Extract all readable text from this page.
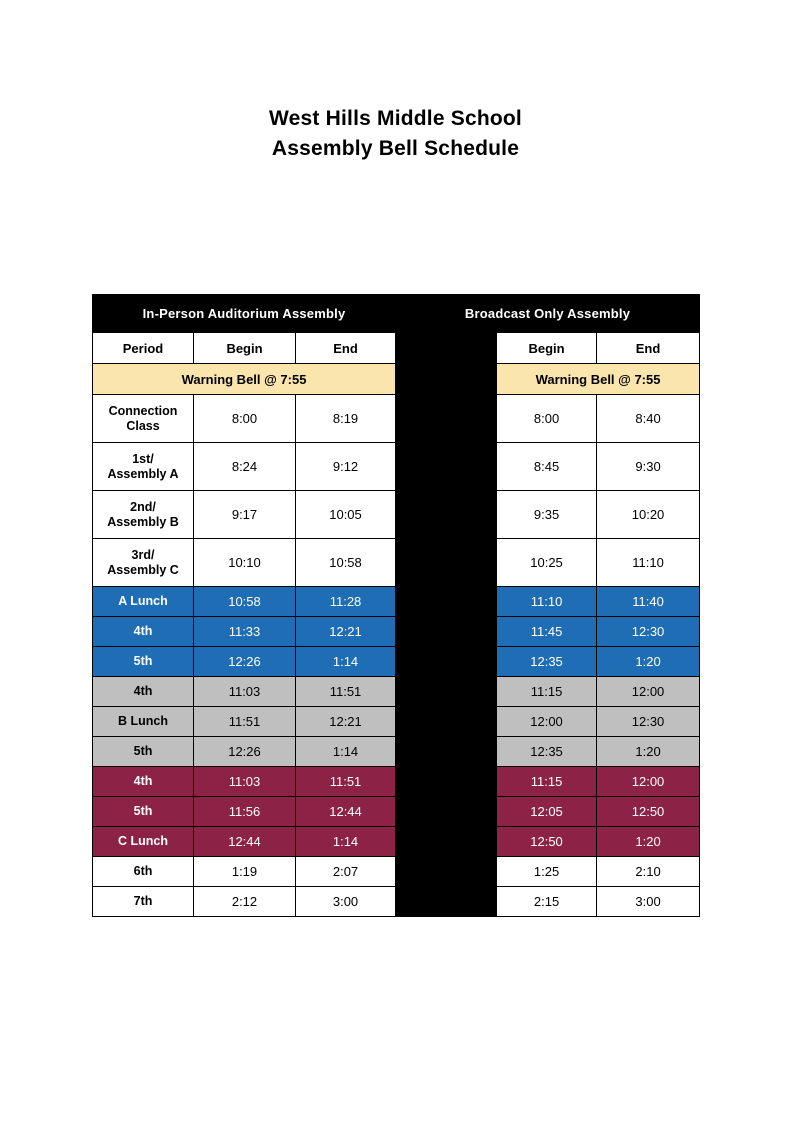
West Hills Middle School
Assembly Bell Schedule
In-Person Auditorium Assembly			Broadcast Only Assembly		
Period	Begin	End		Begin	End
Warning Bell @ 7:55				Warning Bell @ 7:55	

Connection
Class	8:00	8:19		8:00	8:40

1st/
Assembly A	8:24	9:12		8:45	9:30

2nd/
Assembly B	9:17	10:05		9:35	10:20

3rd/
Assembly C	10:10	10:58		10:25	11:10
A Lunch	10:58	11:28		11:10	11:40
4th	11:33	12:21		11:45	12:30
5th	12:26	1:14		12:35	1:20
4th	11:03	11:51		11:15	12:00
B Lunch	11:51	12:21		12:00	12:30
5th	12:26	1:14		12:35	1:20
4th	11:03	11:51		11:15	12:00
5th	11:56	12:44		12:05	12:50
C Lunch	12:44	1:14		12:50	1:20
6th	1:19	2:07		1:25	2:10
7th	2:12	3:00		2:15	3:00
